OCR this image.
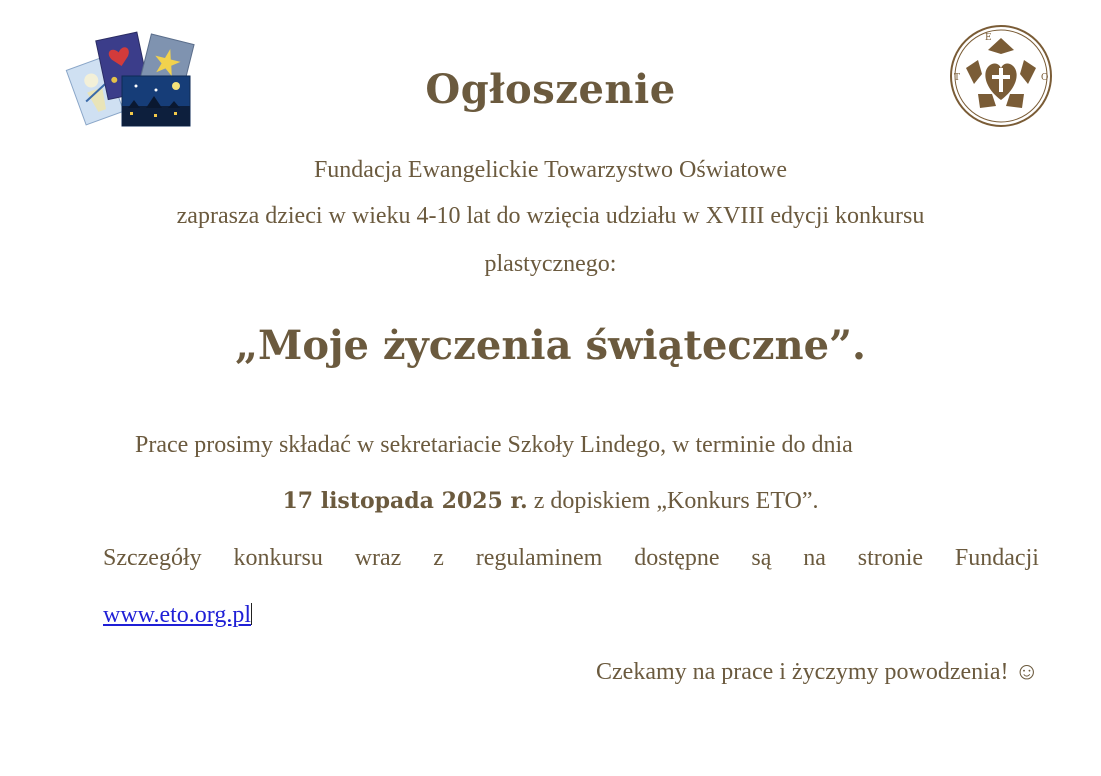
E
T	O
Ogłoszenie
Fundacja Ewangelickie Towarzystwo Oświatowe
zaprasza dzieci w wieku 4-10 lat do wzięcia udziału w XVIII edycji konkursu
plastycznego:
„Moje życzenia świąteczne”.
Prace prosimy składać w sekretariacie Szkoły Lindego, w terminie do dnia
17 listopada 2025 r. z dopiskiem „Konkurs ETO”.
Szczegóły konkursu wraz z regulaminem dostępne są na stronie Fundacji
www.eto.org.pl
Czekamy na prace i życzymy powodzenia! ☺
